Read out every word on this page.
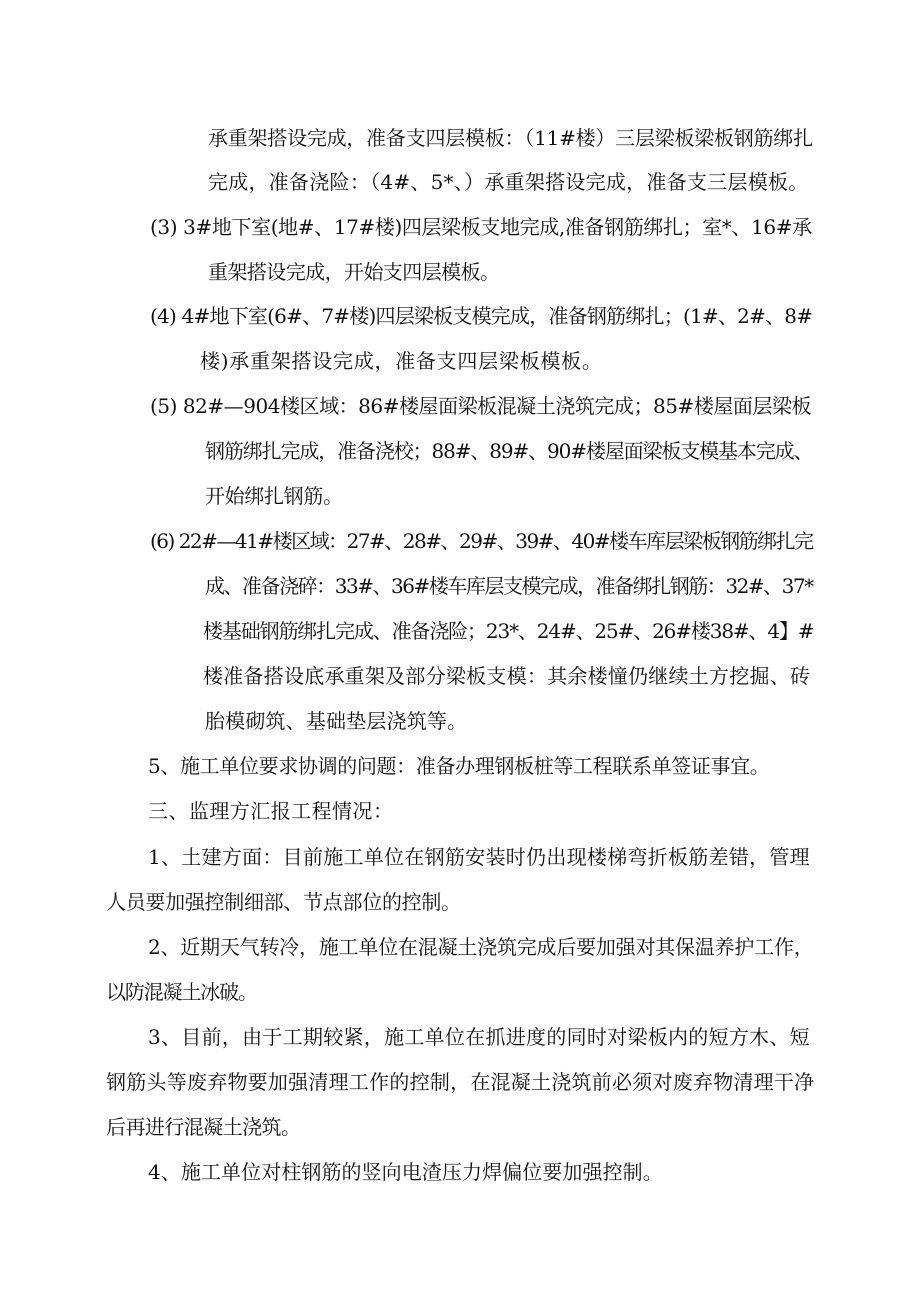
承重架搭设完成，准备支四层模板：（11#楼）三层梁板梁板钢筋绑扎
完成，准备浇险：（4#、5*、）承重架搭设完成，准备支三层模板。
(3) 3#地下室(地#、17#楼)四层梁板支地完成,准备钢筋绑扎；室*、16#承
重架搭设完成，开始支四层模板。
(4) 4#地下室(6#、7#楼)四层梁板支模完成，准备钢筋绑扎；(1#、2#、8#
楼)承重架搭设完成，准备支四层梁板模板。
(5) 82#—904楼区域：86#楼屋面梁板混凝土浇筑完成；85#楼屋面层梁板
钢筋绑扎完成，准备浇校；88#、89#、90#楼屋面梁板支模基本完成、
开始绑扎钢筋。
(6) 22#—41#楼区域：27#、28#、29#、39#、40#楼车库层梁板钢筋绑扎完
成、准备浇碎：33#、36#楼车库层支模完成，准备绑扎钢筋：32#、37*
楼基础钢筋绑扎完成、准备浇险；23*、24#、25#、26#楼38#、4】#
楼准备搭设底承重架及部分梁板支模：其余楼憧仍继续土方挖掘、砖
胎模砌筑、基础垫层浇筑等。
5、施工单位要求协调的问题：准备办理钢板桩等工程联系单签证事宜。
三、监理方汇报工程情况：
1、土建方面：目前施工单位在钢筋安装时仍出现楼梯弯折板筋差错，管理
人员要加强控制细部、节点部位的控制。
2、近期天气转冷，施工单位在混凝土浇筑完成后要加强对其保温养护工作，
以防混凝土冰破。
3、目前，由于工期较紧，施工单位在抓进度的同时对梁板内的短方木、短
钢筋头等废弃物要加强清理工作的控制，在混凝土浇筑前必须对废弃物清理干净
后再进行混凝土浇筑。
4、施工单位对柱钢筋的竖向电渣压力焊偏位要加强控制。
